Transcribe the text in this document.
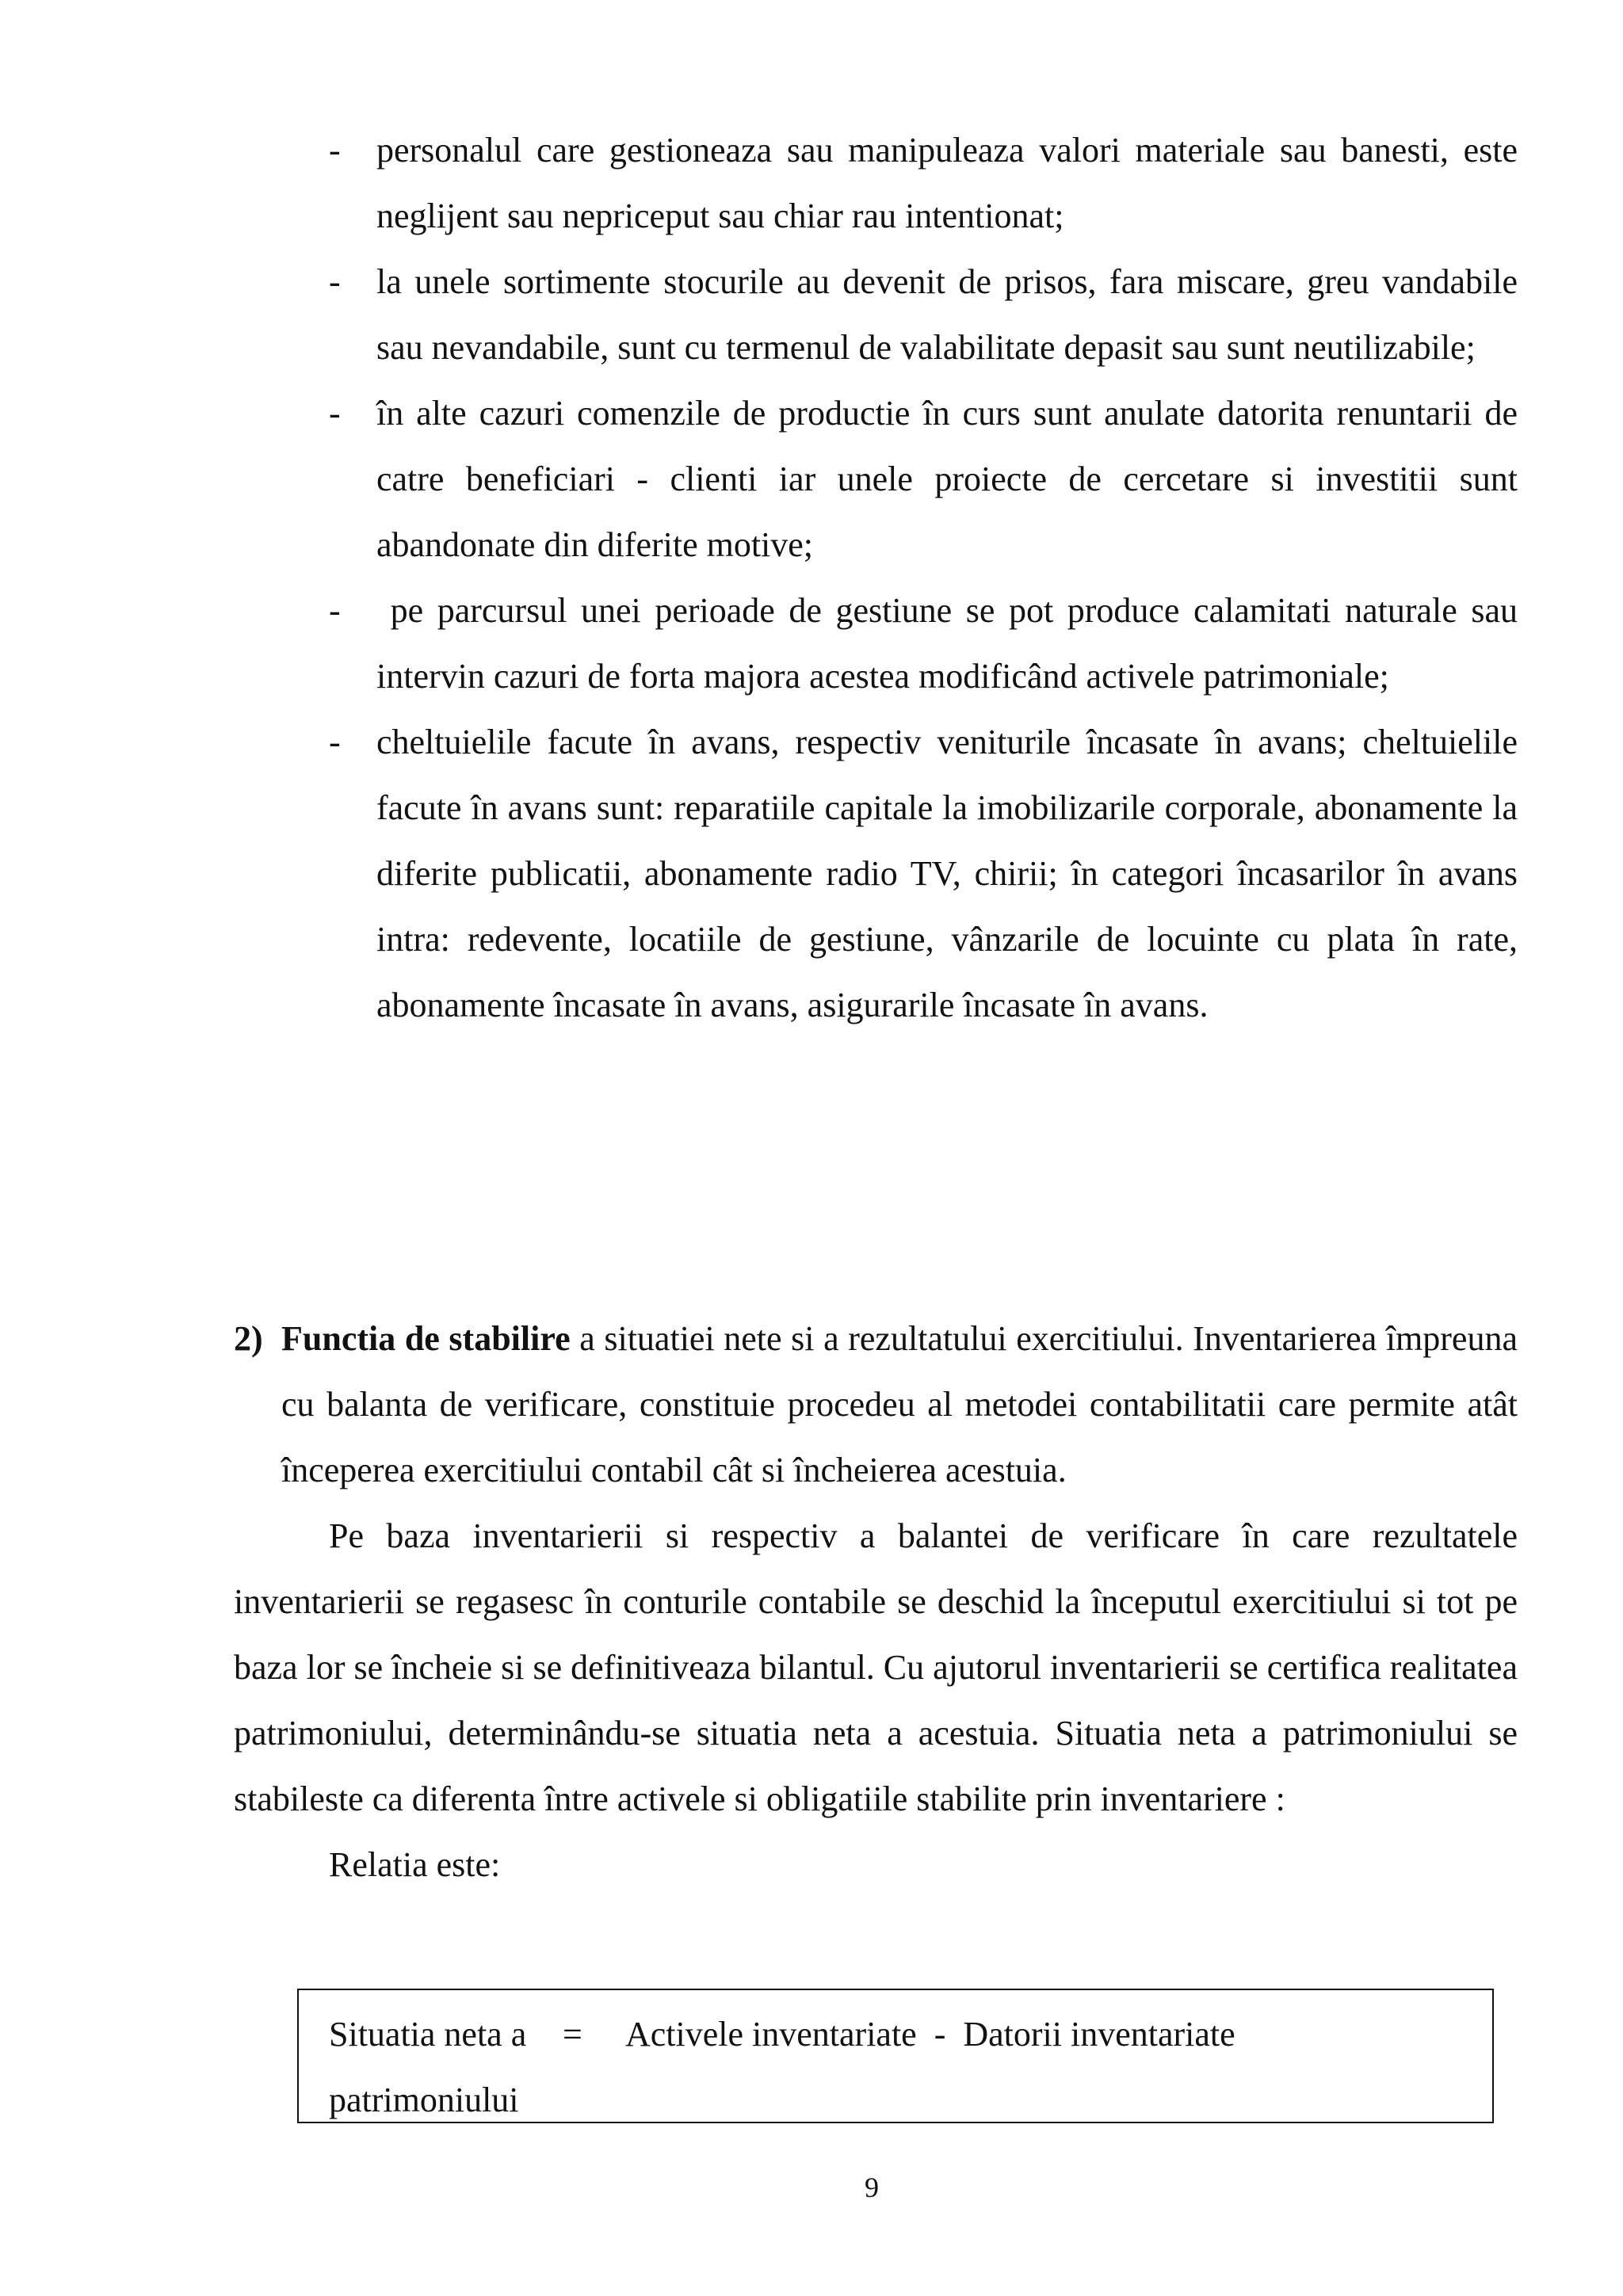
- personalul care gestioneaza sau manipuleaza valori materiale sau banesti, este neglijent sau nepriceput sau chiar rau intentionat;
- la unele sortimente stocurile au devenit de prisos, fara miscare, greu vandabile sau nevandabile, sunt cu termenul de valabilitate depasit sau sunt neutilizabile;
- în alte cazuri comenzile de productie în curs sunt anulate datorita renuntarii de catre beneficiari - clienti iar unele proiecte de cercetare si investitii sunt abandonate din diferite motive;
- pe parcursul unei perioade de gestiune se pot produce calamitati naturale sau intervin cazuri de forta majora acestea modificând activele patrimoniale;
- cheltuielile facute în avans, respectiv veniturile încasate în avans; cheltuielile facute în avans sunt: reparatiile capitale la imobilizarile corporale, abonamente la diferite publicatii, abonamente radio TV, chirii; în categori încasarilor în avans intra: redevente, locatiile de gestiune, vânzarile de locuinte cu plata în rate, abonamente încasate în avans, asigurarile încasate în avans.

2) Functia de stabilire a situatiei nete si a rezultatului exercitiului. Inventarierea împreuna cu balanta de verificare, constituie procedeu al metodei contabilitatii care permite atât începerea exercitiului contabil cât si încheierea acestuia.

Pe baza inventarierii si respectiv a balantei de verificare în care rezultatele inventarierii se regasesc în conturile contabile se deschid la începutul exercitiului si tot pe baza lor se încheie si se definitiveaza bilantul. Cu ajutorul inventarierii se certifica realitatea patrimoniului, determinându-se situatia neta a acestuia. Situatia neta a patrimoniului se stabileste ca diferenta între activele si obligatiile stabilite prin inventariere :

Relatia este:

Situatia neta a patrimoniului
= Activele inventariate  -  Datorii inventariate
9
